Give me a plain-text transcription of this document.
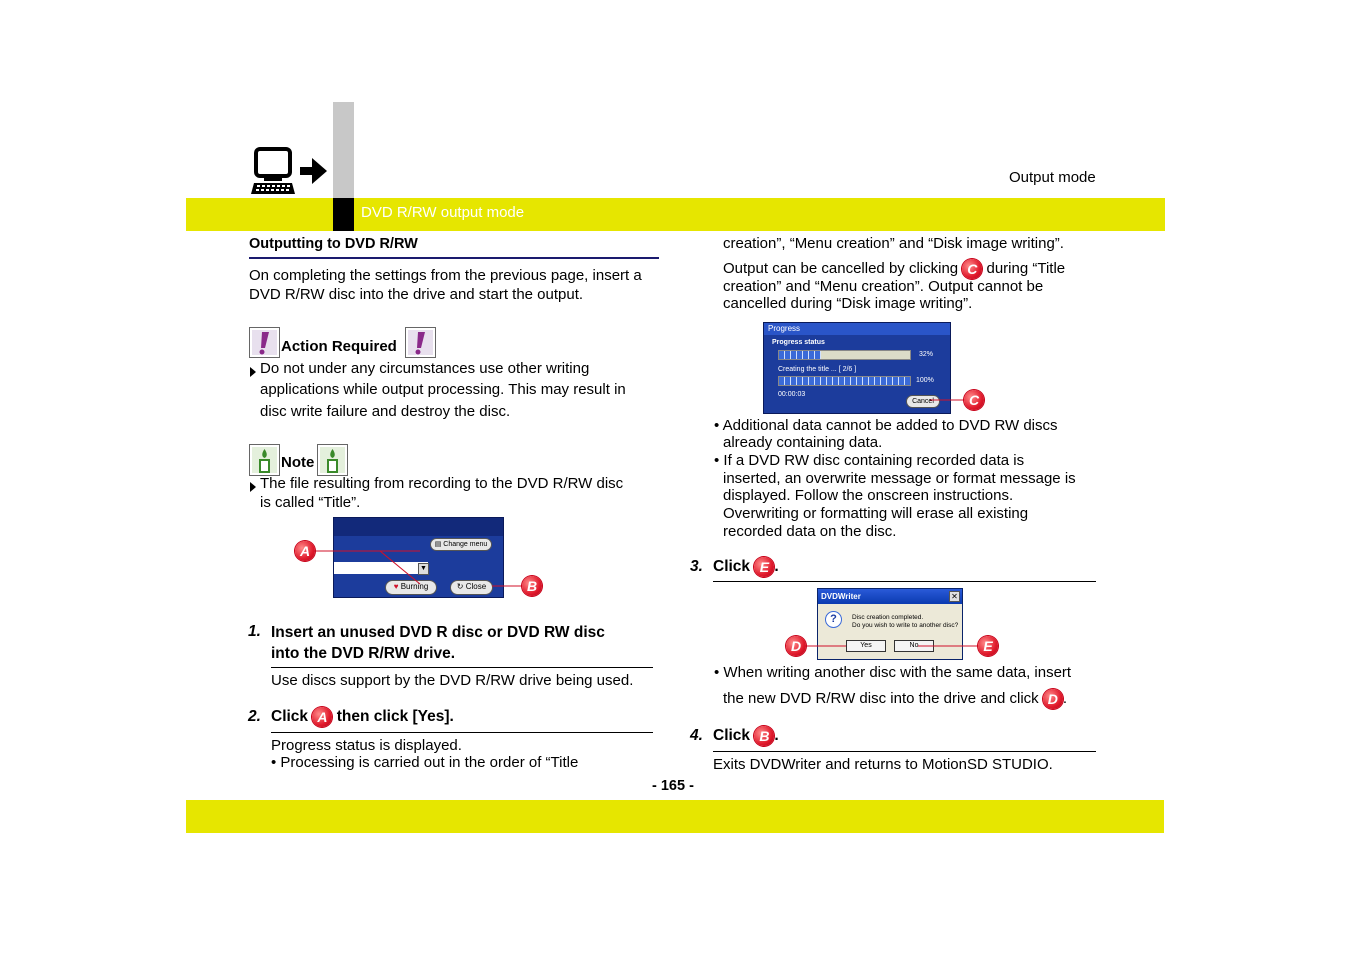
Output mode
DVD R/RW output mode
Outputting to DVD R/RW
On completing the settings from the previous page, insert a DVD R/RW disc into the drive and start the output.
Action Required
Do not under any circumstances use other writing
applications while output processing. This may result in
disc write failure and destroy the disc.
Note
The file resulting from recording to the DVD R/RW disc
is called “Title”.
▼
▤ Change menu
♥ Burning	↻ Close
A
B
1. Insert an unused DVD R disc or DVD RW disc
into the DVD R/RW drive.
Use discs support by the DVD R/RW drive being used.
2. Click A then click [Yes].
Progress status is displayed.
• Processing is carried out in the order of “Title
creation”, “Menu creation” and “Disk image writing”.
Output can be cancelled by clicking C during “Title
creation” and “Menu creation”. Output cannot be
cancelled during “Disk image writing”.
Progress
Progress status
32%
Creating the title ... [ 2/6 ]
100%
00:00:03
Cancel	C
• Additional data cannot be added to DVD RW discs
already containing data.
• If a DVD RW disc containing recorded data is
inserted, an overwrite message or format message is
displayed. Follow the onscreen instructions.
Overwriting or formatting will erase all existing
recorded data on the disc.
3. Click E .
DVDWriter	✕
?	Disc creation completed.
Do you wish to write to another disc?
Yes	No
D	E
• When writing another disc with the same data, insert
the new DVD R/RW disc into the drive and click D .
4. Click B .
Exits DVDWriter and returns to MotionSD STUDIO.
- 165 -
